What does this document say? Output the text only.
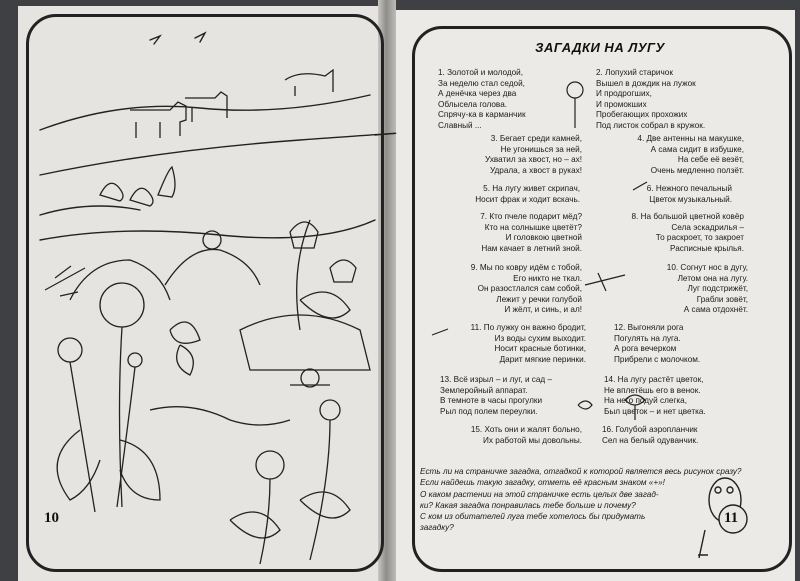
10	11
ЗАГАДКИ НА ЛУГУ
1. Золотой и молодой,
За неделю стал седой,
А денёчка через два
Облысела голова.
Спрячу-ка в карманчик
Славный ...
2. Лопухий старичок
Вышел в дождик на лужок
И продрогших,
И промокших
Пробегающих прохожих
Под листок собрал в кружок.
3. Бегает среди камней,
Не угонишься за ней,
Ухватил за хвост, но – ах!
Удрала, а хвост в руках!
4. Две антенны на макушке,
А сама сидит в избушке,
На себе её везёт,
Очень медленно ползёт.
5. На лугу живет скрипач,
Носит фрак и ходит вскачь.
6. Нежного печальный
Цветок музыкальный.
7. Кто пчеле подарит мёд?
Кто на солнышке цветёт?
И головкою цветной
Нам качает в летний зной.
8. На большой цветной ковёр
Села эскадрилья –
То раскроет, то закроет
Расписные крылья.
9. Мы по ковру идём с тобой,
Его никто не ткал.
Он разостлался сам собой,
Лежит у речки голубой
И жёлт, и синь, и ал!
10. Согнут нос в дугу,
Летом она на лугу.
Луг подстрижёт,
Грабли зовёт,
А сама отдохнёт.
11. По лужку он важно бродит,
Из воды сухим выходит.
Носит красные ботинки,
Дарит мягкие перинки.
12. Выгоняли рога
Погулять на луга.
А рога вечерком
Прибрели с молочком.
13. Всё изрыл – и луг, и сад –
Землеройный аппарат.
В темноте в часы прогулки
Рыл под полем переулки.
14. На лугу растёт цветок,
Не вплетёшь его в венок.
На него подуй слегка,
Был цветок – и нет цветка.
15. Хоть они и жалят больно,
Их работой мы довольны.
16. Голубой аэропланчик
Сел на белый одуванчик.
Есть ли на страничке загадка, отгадкой к которой является весь рисунок сразу?
Если найдешь такую загадку, отметь её красным знаком «+»!
О каком растении на этой страничке есть целых две загад-
ки? Какая загадка понравилась тебе больше и почему?
С ком из обитателей луга тебе хотелось бы придумать
загадку?
